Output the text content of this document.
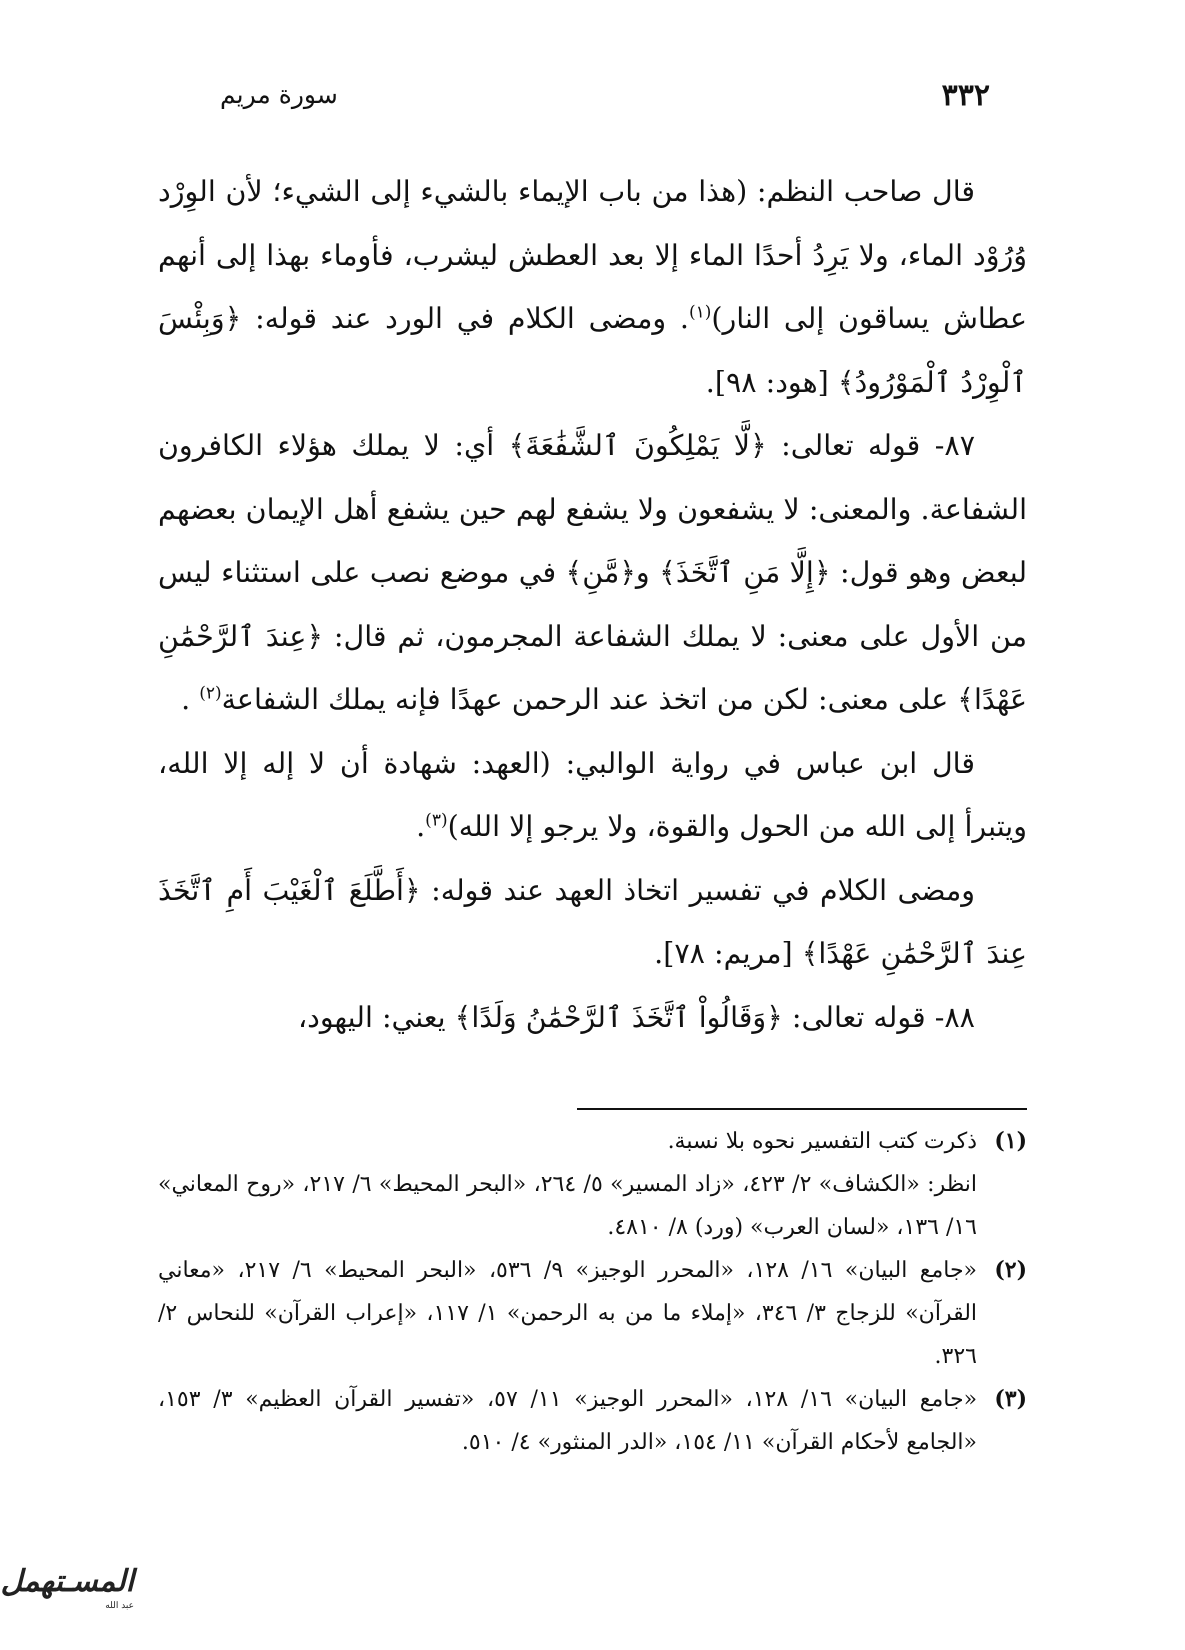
٣٣٢
سورة مريم

قال صاحب النظم: (هذا من باب الإيماء بالشيء إلى الشيء؛ لأن الوِرْد وُرُوْد الماء، ولا يَرِدُ أحدًا الماء إلا بعد العطش ليشرب، فأوماء بهذا إلى أنهم عطاش يساقون إلى النار)$^{(١)}$. ومضى الكلام في الورد عند قوله: ﴿وَبِئْسَ ٱلْوِرْدُ ٱلْمَوْرُودُ﴾ [هود: ٩٨].

٨٧- قوله تعالى: ﴿لَّا يَمْلِكُونَ ٱلشَّفَٰعَةَ﴾ أي: لا يملك هؤلاء الكافرون الشفاعة. والمعنى: لا يشفعون ولا يشفع لهم حين يشفع أهل الإيمان بعضهم لبعض وهو قول: ﴿إِلَّا مَنِ ٱتَّخَذَ﴾ و﴿مَّنِ﴾ في موضع نصب على استثناء ليس من الأول على معنى: لا يملك الشفاعة المجرمون، ثم قال: ﴿عِندَ ٱلرَّحْمَٰنِ عَهْدًا﴾ على معنى: لكن من اتخذ عند الرحمن عهدًا فإنه يملك الشفاعة$^{(٢)}$ .

قال ابن عباس في رواية الوالبي: (العهد: شهادة أن لا إله إلا الله، ويتبرأ إلى الله من الحول والقوة، ولا يرجو إلا الله)$^{(٣)}$.

ومضى الكلام في تفسير اتخاذ العهد عند قوله: ﴿أَطَّلَعَ ٱلْغَيْبَ أَمِ ٱتَّخَذَ عِندَ ٱلرَّحْمَٰنِ عَهْدًا﴾ [مريم: ٧٨].

٨٨- قوله تعالى: ﴿وَقَالُواْ ٱتَّخَذَ ٱلرَّحْمَٰنُ وَلَدًا﴾ يعني: اليهود،

(١)
ذكرت كتب التفسير نحوه بلا نسبة.
انظر: «الكشاف» ٢/ ٤٢٣، «زاد المسير» ٥/ ٢٦٤، «البحر المحيط» ٦/ ٢١٧، «روح المعاني» ١٦/ ١٣٦، «لسان العرب» (ورد) ٨/ ٤٨١٠.
(٢)
«جامع البيان» ١٦/ ١٢٨، «المحرر الوجيز» ٩/ ٥٣٦، «البحر المحيط» ٦/ ٢١٧، «معاني القرآن» للزجاج ٣/ ٣٤٦، «إملاء ما من به الرحمن» ١/ ١١٧، «إعراب القرآن» للنحاس ٢/ ٣٢٦.
(٣)
«جامع البيان» ١٦/ ١٢٨، «المحرر الوجيز» ١١/ ٥٧، «تفسير القرآن العظيم» ٣/ ١٥٣، «الجامع لأحكام القرآن» ١١/ ١٥٤، «الدر المنثور» ٤/ ٥١٠.
المسـتهمل
عبد الله
